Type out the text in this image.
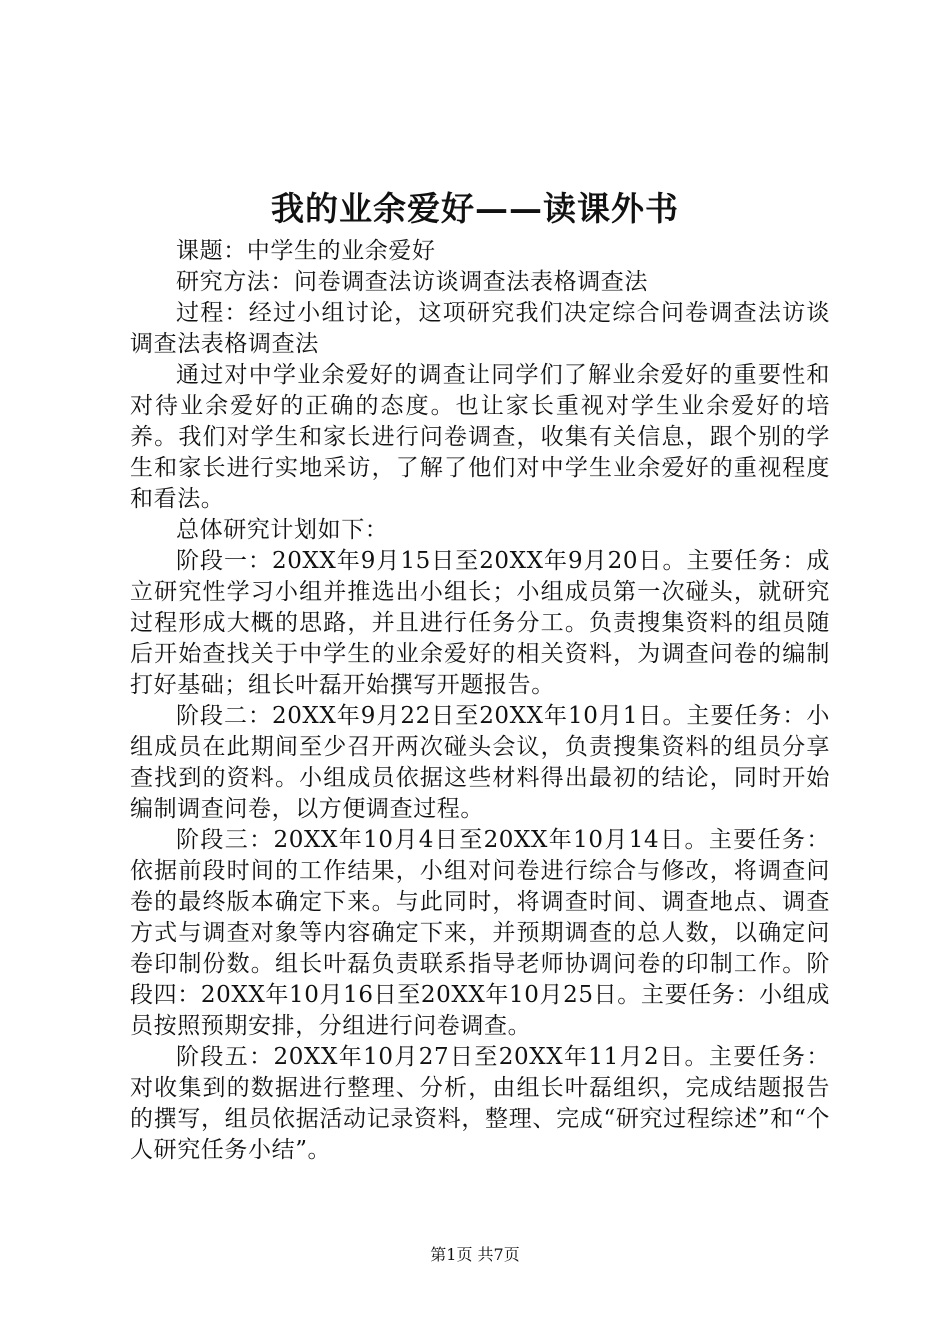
我的业余爱好——读课外书

课题：中学生的业余爱好

研究方法：问卷调查法访谈调查法表格调查法

过程：经过小组讨论，这项研究我们决定综合问卷调查法访谈调查法表格调查法

通过对中学业余爱好的调查让同学们了解业余爱好的重要性和对待业余爱好的正确的态度。也让家长重视对学生业余爱好的培养。我们对学生和家长进行问卷调查，收集有关信息，跟个别的学生和家长进行实地采访，了解了他们对中学生业余爱好的重视程度和看法。

总体研究计划如下：

阶段一：20XX年9月15日至20XX年9月20日。主要任务：成立研究性学习小组并推选出小组长；小组成员第一次碰头，就研究过程形成大概的思路，并且进行任务分工。负责搜集资料的组员随后开始查找关于中学生的业余爱好的相关资料，为调查问卷的编制打好基础；组长叶磊开始撰写开题报告。

阶段二：20XX年9月22日至20XX年10月1日。主要任务：小组成员在此期间至少召开两次碰头会议，负责搜集资料的组员分享查找到的资料。小组成员依据这些材料得出最初的结论，同时开始编制调查问卷，以方便调查过程。

阶段三：20XX年10月4日至20XX年10月14日。主要任务：依据前段时间的工作结果，小组对问卷进行综合与修改，将调查问卷的最终版本确定下来。与此同时，将调查时间、调查地点、调查方式与调查对象等内容确定下来，并预期调查的总人数，以确定问卷印制份数。组长叶磊负责联系指导老师协调问卷的印制工作。阶段四：20XX年10月16日至20XX年10月25日。主要任务：小组成员按照预期安排，分组进行问卷调查。

阶段五：20XX年10月27日至20XX年11月2日。主要任务：对收集到的数据进行整理、分析，由组长叶磊组织，完成结题报告的撰写，组员依据活动记录资料，整理、完成“研究过程综述”和“个人研究任务小结”。

第1页 共7页
